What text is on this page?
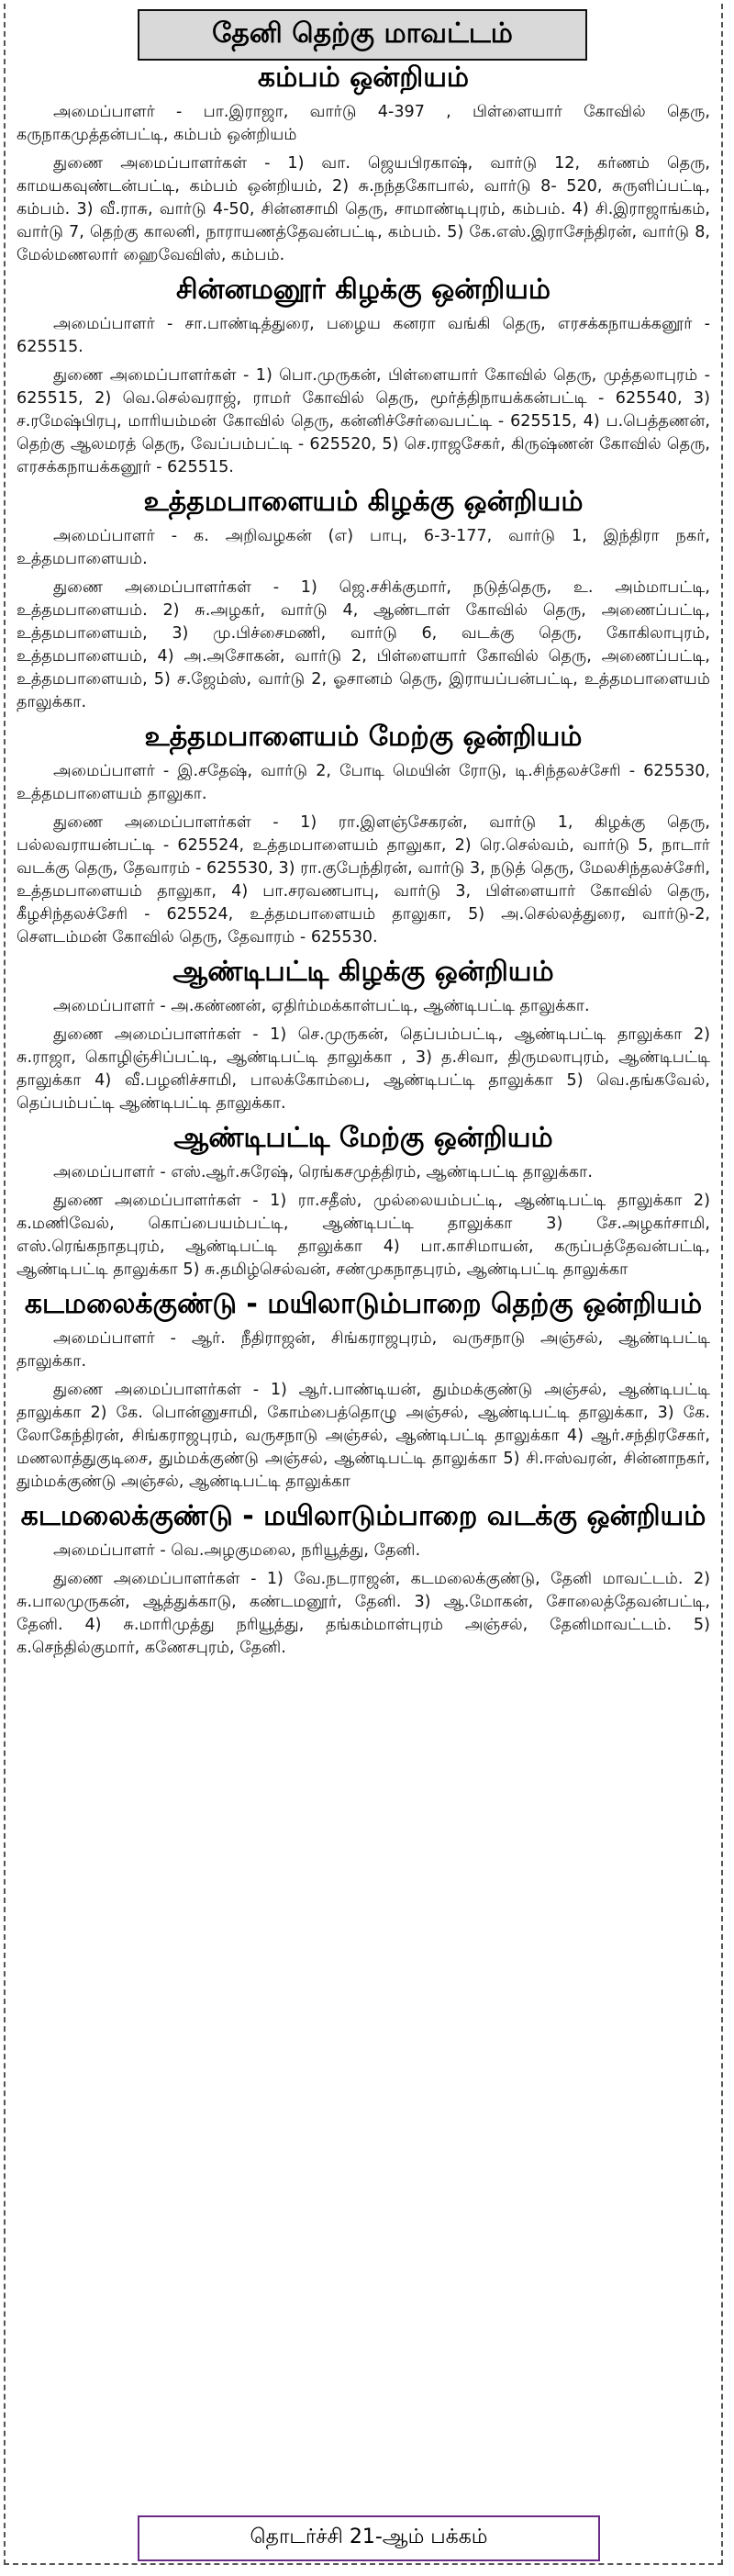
தேனி தெற்கு மாவட்டம்
கம்பம் ஒன்றியம்

அமைப்பாளர் - பா.இராஜா, வார்டு 4-397 , பிள்ளையார் கோவில் தெரு, கருநாகமுத்தன்பட்டி, கம்பம் ஒன்றியம்

துணை அமைப்பாளர்கள் - 1) வா. ஜெயபிரகாஷ், வார்டு 12, கர்ணம் தெரு, காமயகவுண்டன்பட்டி, கம்பம் ஒன்றியம், 2) சு.நந்தகோபால், வார்டு 8- 520, சுருளிப்பட்டி, கம்பம். 3) வீ.ராசு, வார்டு 4-50, சின்னசாமி தெரு, சாமாண்டிபுரம், கம்பம். 4) சி.இராஜாங்கம், வார்டு 7, தெற்கு காலனி, நாராயணத்தேவன்பட்டி, கம்பம். 5) கே.எஸ்.இராசேந்திரன், வார்டு 8, மேல்மணலார் ஹைவேவிஸ், கம்பம்.

சின்னமனூர் கிழக்கு ஒன்றியம்

அமைப்பாளர் - சா.பாண்டித்துரை, பழைய கனரா வங்கி தெரு, எரசக்கநாயக்கனூர் - 625515.

துணை அமைப்பாளர்கள் - 1) பொ.முருகன், பிள்ளையார் கோவில் தெரு, முத்தலாபுரம் - 625515, 2) வெ.செல்வராஜ், ராமர் கோவில் தெரு, மூர்த்திநாயக்கன்பட்டி - 625540, 3) ச.ரமேஷ்பிரபு, மாரியம்மன் கோவில் தெரு, கன்னிச்சேர்வைபட்டி - 625515, 4) ப.பெத்தணன், தெற்கு ஆலமரத் தெரு, வேப்பம்பட்டி - 625520, 5) செ.ராஜசேகர், கிருஷ்ணன் கோவில் தெரு, எரசக்கநாயக்கனூர் - 625515.

உத்தமபாளையம் கிழக்கு ஒன்றியம்

அமைப்பாளர் - க. அறிவழகன் (எ) பாபு, 6-3-177, வார்டு 1, இந்திரா நகர், உத்தமபாளையம்.

துணை அமைப்பாளர்கள் - 1) ஜெ.சசிக்குமார், நடுத்தெரு, உ. அம்மாபட்டி, உத்தமபாளையம். 2) சு.அழகர், வார்டு 4, ஆண்டாள் கோவில் தெரு, அணைப்பட்டி, உத்தமபாளையம், 3) மு.பிச்சைமணி, வார்டு 6, வடக்கு தெரு, கோகிலாபுரம், உத்தமபாளையம், 4) அ.அசோகன், வார்டு 2, பிள்ளையார் கோவில் தெரு, அணைப்பட்டி, உத்தமபாளையம், 5) ச.ஜேம்ஸ், வார்டு 2, ஓசானம் தெரு, இராயப்பன்பட்டி, உத்தமபாளையம் தாலுக்கா.

உத்தமபாளையம் மேற்கு ஒன்றியம்

அமைப்பாளர் - இ.சதேஷ், வார்டு 2, போடி மெயின் ரோடு, டி.சிந்தலச்சேரி - 625530, உத்தமபாளையம் தாலுகா.

துணை அமைப்பாளர்கள் - 1) ரா.இளஞ்சேகரன், வார்டு 1, கிழக்கு தெரு, பல்லவராயன்பட்டி - 625524, உத்தமபாளையம் தாலுகா, 2) ரெ.செல்வம், வார்டு 5, நாடார் வடக்கு தெரு, தேவாரம் - 625530, 3) ரா.குபேந்திரன், வார்டு 3, நடுத் தெரு, மேலசிந்தலச்சேரி, உத்தமபாளையம் தாலுகா, 4) பா.சரவணபாபு, வார்டு 3, பிள்ளையார் கோவில் தெரு, கீழசிந்தலச்சேரி - 625524, உத்தமபாளையம் தாலுகா, 5) அ.செல்லத்துரை, வார்டு-2, சௌடம்மன் கோவில் தெரு, தேவாரம் - 625530.

ஆண்டிபட்டி கிழக்கு ஒன்றியம்

அமைப்பாளர் - அ.கண்ணன், ஏதிர்ம்மக்காள்பட்டி, ஆண்டிபட்டி தாலுக்கா.

துணை அமைப்பாளர்கள் - 1) செ.முருகன், தெப்பம்பட்டி, ஆண்டிபட்டி தாலுக்கா 2) சு.ராஜா, கொழிஞ்சிப்பட்டி, ஆண்டிபட்டி தாலுக்கா , 3) த.சிவா, திருமலாபுரம், ஆண்டிபட்டி தாலுக்கா 4) வீ.பழனிச்சாமி, பாலக்கோம்பை, ஆண்டிபட்டி தாலுக்கா 5) வெ.தங்கவேல், தெப்பம்பட்டி ஆண்டிபட்டி தாலுக்கா.

ஆண்டிபட்டி மேற்கு ஒன்றியம்

அமைப்பாளர் - எஸ்.ஆர்.சுரேஷ், ரெங்கசமுத்திரம், ஆண்டிபட்டி தாலுக்கா.

துணை அமைப்பாளர்கள் - 1) ரா.சதீஸ், முல்லையம்பட்டி, ஆண்டிபட்டி தாலுக்கா 2) க.மணிவேல், கொப்பையம்பட்டி, ஆண்டிபட்டி தாலுக்கா 3) சே.அழகர்சாமி, எஸ்.ரெங்கநாதபுரம், ஆண்டிபட்டி தாலுக்கா 4) பா.காசிமாயன், கருப்பத்தேவன்பட்டி, ஆண்டிபட்டி தாலுக்கா 5) சு.தமிழ்செல்வன், சண்முகநாதபுரம், ஆண்டிபட்டி தாலுக்கா

கடமலைக்குண்டு - மயிலாடும்பாறை தெற்கு ஒன்றியம்

அமைப்பாளர் - ஆர். நீதிராஜன், சிங்கராஜபுரம், வருசநாடு அஞ்சல், ஆண்டிபட்டி தாலுக்கா.

துணை அமைப்பாளர்கள் - 1) ஆர்.பாண்டியன், தும்மக்குண்டு அஞ்சல், ஆண்டிபட்டி தாலுக்கா 2) கே. பொன்னுசாமி, கோம்பைத்தொழு அஞ்சல், ஆண்டிபட்டி தாலுக்கா, 3) கே. லோகேந்திரன், சிங்கராஜபுரம், வருசநாடு அஞ்சல், ஆண்டிபட்டி தாலுக்கா 4) ஆர்.சந்திரசேகர், மணலாத்துகுடிசை, தும்மக்குண்டு அஞ்சல், ஆண்டிபட்டி தாலுக்கா 5) சி.ஈஸ்வரன், சின்னாநகர், தும்மக்குண்டு அஞ்சல், ஆண்டிபட்டி தாலுக்கா

கடமலைக்குண்டு - மயிலாடும்பாறை வடக்கு ஒன்றியம்

அமைப்பாளர் - வெ.அழகுமலை, நரியூத்து, தேனி.

துணை அமைப்பாளர்கள் - 1) வே.நடராஜன், கடமலைக்குண்டு, தேனி மாவட்டம். 2) சு.பாலமுருகன், ஆத்துக்காடு, கண்டமனூர், தேனி. 3) ஆ.மோகன், சோலைத்தேவன்பட்டி, தேனி. 4) சு.மாரிமுத்து நரியூத்து, தங்கம்மாள்புரம் அஞ்சல், தேனிமாவட்டம். 5) க.செந்தில்குமார், கணேசபுரம், தேனி.

தொடர்ச்சி 21-ஆம் பக்கம்
